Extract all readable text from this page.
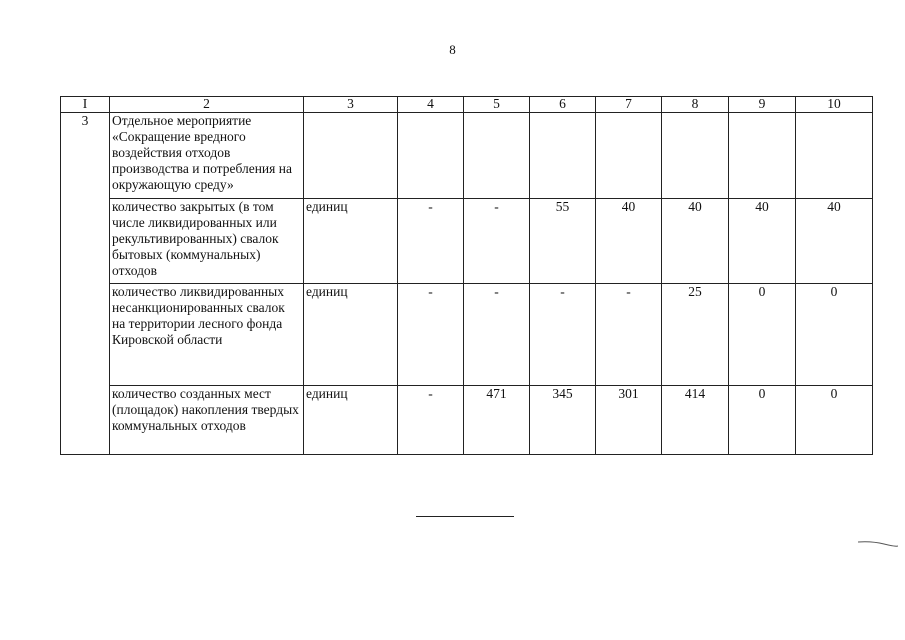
8
I	2	3	4	5	6	7	8	9	10
3	Отдельное мероприятие «Сокращение вредного воздействия отходов производства и потребления на окружающую среду»								
	количество закрытых (в том числе ликвидированных или рекультивированных) свалок бытовых (коммунальных) отходов	единиц	-	-	55	40	40	40	40
	количество ликвидированных несанкционированных свалок на территории лесного фонда Кировской области	единиц	-	-	-	-	25	0	0
	количество созданных мест (площадок) накопления твердых коммунальных отходов	единиц	-	471	345	301	414	0	0
